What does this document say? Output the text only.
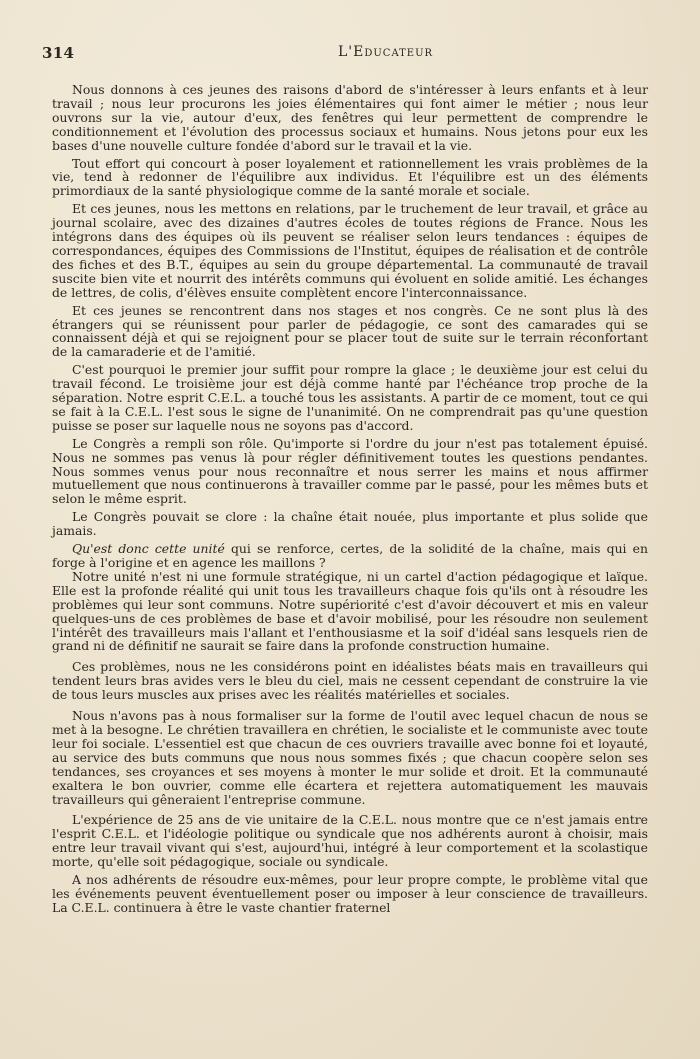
314	L'Educateur

Nous donnons à ces jeunes des raisons d'abord de s'intéresser à leurs enfants et à leur travail ; nous leur procurons les joies élémentaires qui font aimer le métier ; nous leur ouvrons sur la vie, autour d'eux, des fenêtres qui leur permettent de comprendre le conditionnement et l'évolution des processus sociaux et humains. Nous jetons pour eux les bases d'une nouvelle culture fondée d'abord sur le travail et la vie.

Tout effort qui concourt à poser loyalement et rationnellement les vrais problèmes de la vie, tend à redonner de l'équilibre aux individus. Et l'équilibre est un des éléments primordiaux de la santé physiologique comme de la santé morale et sociale.

Et ces jeunes, nous les mettons en relations, par le truchement de leur travail, et grâce au journal scolaire, avec des dizaines d'autres écoles de toutes régions de France. Nous les intégrons dans des équipes où ils peuvent se réaliser selon leurs tendances : équipes de correspondances, équipes des Commissions de l'Institut, équipes de réalisation et de contrôle des fiches et des B.T., équipes au sein du groupe départemental. La communauté de travail suscite bien vite et nourrit des intérêts communs qui évoluent en solide amitié. Les échanges de lettres, de colis, d'élèves ensuite complètent encore l'interconnaissance.

Et ces jeunes se rencontrent dans nos stages et nos congrès. Ce ne sont plus là des étrangers qui se réunissent pour parler de pédagogie, ce sont des camarades qui se connaissent déjà et qui se rejoignent pour se placer tout de suite sur le terrain réconfortant de la camaraderie et de l'amitié.

C'est pourquoi le premier jour suffit pour rompre la glace ; le deuxième jour est celui du travail fécond. Le troisième jour est déjà comme hanté par l'échéance trop proche de la séparation. Notre esprit C.E.L. a touché tous les assistants. A partir de ce moment, tout ce qui se fait à la C.E.L. l'est sous le signe de l'unanimité. On ne comprendrait pas qu'une question puisse se poser sur laquelle nous ne soyons pas d'accord.

Le Congrès a rempli son rôle. Qu'importe si l'ordre du jour n'est pas totalement épuisé. Nous ne sommes pas venus là pour régler définitivement toutes les questions pendantes. Nous sommes venus pour nous reconnaître et nous serrer les mains et nous affirmer mutuellement que nous continuerons à travailler comme par le passé, pour les mêmes buts et selon le même esprit.

Le Congrès pouvait se clore : la chaîne était nouée, plus importante et plus solide que jamais.

Qu'est donc cette unité qui se renforce, certes, de la solidité de la chaîne, mais qui en forge à l'origine et en agence les maillons ?

Notre unité n'est ni une formule stratégique, ni un cartel d'action pédagogique et laïque. Elle est la profonde réalité qui unit tous les travailleurs chaque fois qu'ils ont à résoudre les problèmes qui leur sont communs. Notre supériorité c'est d'avoir découvert et mis en valeur quelques-uns de ces problèmes de base et d'avoir mobilisé, pour les résoudre non seulement l'intérêt des travailleurs mais l'allant et l'enthousiasme et la soif d'idéal sans lesquels rien de grand ni de définitif ne saurait se faire dans la profonde construction humaine.

Ces problèmes, nous ne les considérons point en idéalistes béats mais en travailleurs qui tendent leurs bras avides vers le bleu du ciel, mais ne cessent cependant de construire la vie de tous leurs muscles aux prises avec les réalités matérielles et sociales.

Nous n'avons pas à nous formaliser sur la forme de l'outil avec lequel chacun de nous se met à la besogne. Le chrétien travaillera en chrétien, le socialiste et le communiste avec toute leur foi sociale. L'essentiel est que chacun de ces ouvriers travaille avec bonne foi et loyauté, au service des buts communs que nous nous sommes fixés ; que chacun coopère selon ses tendances, ses croyances et ses moyens à monter le mur solide et droit. Et la communauté exaltera le bon ouvrier, comme elle écartera et rejettera automatiquement les mauvais travailleurs qui gêneraient l'entreprise commune.

L'expérience de 25 ans de vie unitaire de la C.E.L. nous montre que ce n'est jamais entre l'esprit C.E.L. et l'idéologie politique ou syndicale que nos adhérents auront à choisir, mais entre leur travail vivant qui s'est, aujourd'hui, intégré à leur comportement et la scolastique morte, qu'elle soit pédagogique, sociale ou syndicale.

A nos adhérents de résoudre eux-mêmes, pour leur propre compte, le problème vital que les événements peuvent éventuellement poser ou imposer à leur conscience de travailleurs. La C.E.L. continuera à être le vaste chantier fraternel
